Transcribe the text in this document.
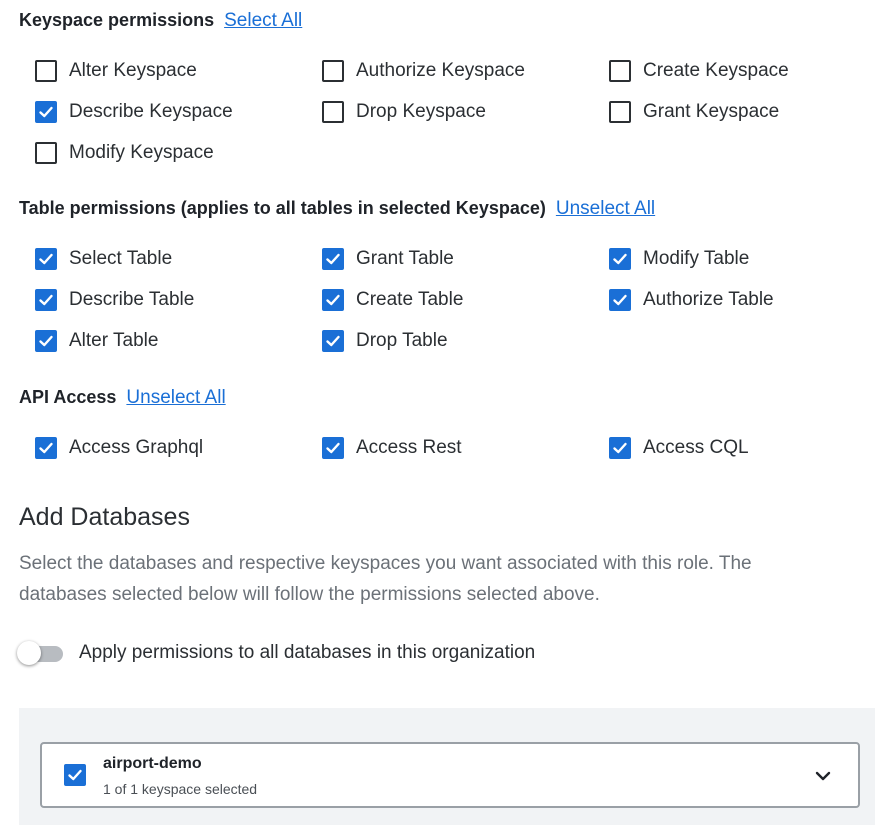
Keyspace permissions Select All
Alter Keyspace	Authorize Keyspace	Create Keyspace
Describe Keyspace	Drop Keyspace	Grant Keyspace
Modify Keyspace
Table permissions (applies to all tables in selected Keyspace) Unselect All
Select Table	Grant Table	Modify Table
Describe Table	Create Table	Authorize Table
Alter Table	Drop Table
API Access Unselect All
Access Graphql	Access Rest	Access CQL
Add Databases
Select the databases and respective keyspaces you want associated with this role. The databases selected below will follow the permissions selected above.
Apply permissions to all databases in this organization
airport-demo
1 of 1 keyspace selected
